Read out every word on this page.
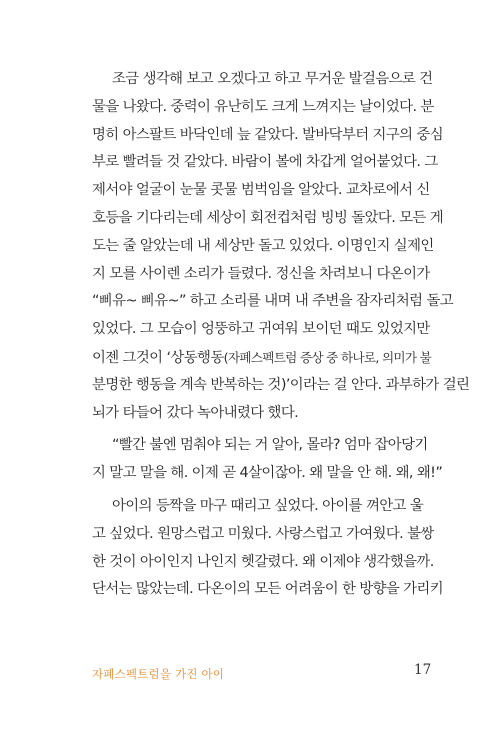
조금 생각해 보고 오겠다고 하고 무거운 발걸음으로 건
물을 나왔다. 중력이 유난히도 크게 느껴지는 날이었다. 분
명히 아스팔트 바닥인데 늪 같았다. 발바닥부터 지구의 중심
부로 빨려들 것 같았다. 바람이 볼에 차갑게 얼어붙었다. 그
제서야 얼굴이 눈물 콧물 범벅임을 알았다. 교차로에서 신
호등을 기다리는데 세상이 회전컵처럼 빙빙 돌았다. 모든 게
도는 줄 알았는데 내 세상만 돌고 있었다. 이명인지 실제인
지 모를 사이렌 소리가 들렸다. 정신을 차려보니 다온이가
“삐유~ 삐유~” 하고 소리를 내며 내 주변을 잠자리처럼 돌고
있었다. 그 모습이 엉뚱하고 귀여워 보이던 때도 있었지만
이젠 그것이 ‘상동행동(자폐스펙트럼 증상 중 하나로, 의미가 불
분명한 행동을 계속 반복하는 것)’이라는 걸 안다. 과부하가 걸린
뇌가 타들어 갔다 녹아내렸다 했다.
“빨간 불엔 멈춰야 되는 거 알아, 몰라? 엄마 잡아당기
지 말고 말을 해. 이제 곧 4살이잖아. 왜 말을 안 해. 왜, 왜!”
아이의 등짝을 마구 때리고 싶었다. 아이를 껴안고 울
고 싶었다. 원망스럽고 미웠다. 사랑스럽고 가여웠다. 불쌍
한 것이 아이인지 나인지 헷갈렸다. 왜 이제야 생각했을까.
단서는 많았는데. 다온이의 모든 어려움이 한 방향을 가리키
자폐스펙트럼을 가진 아이	17
